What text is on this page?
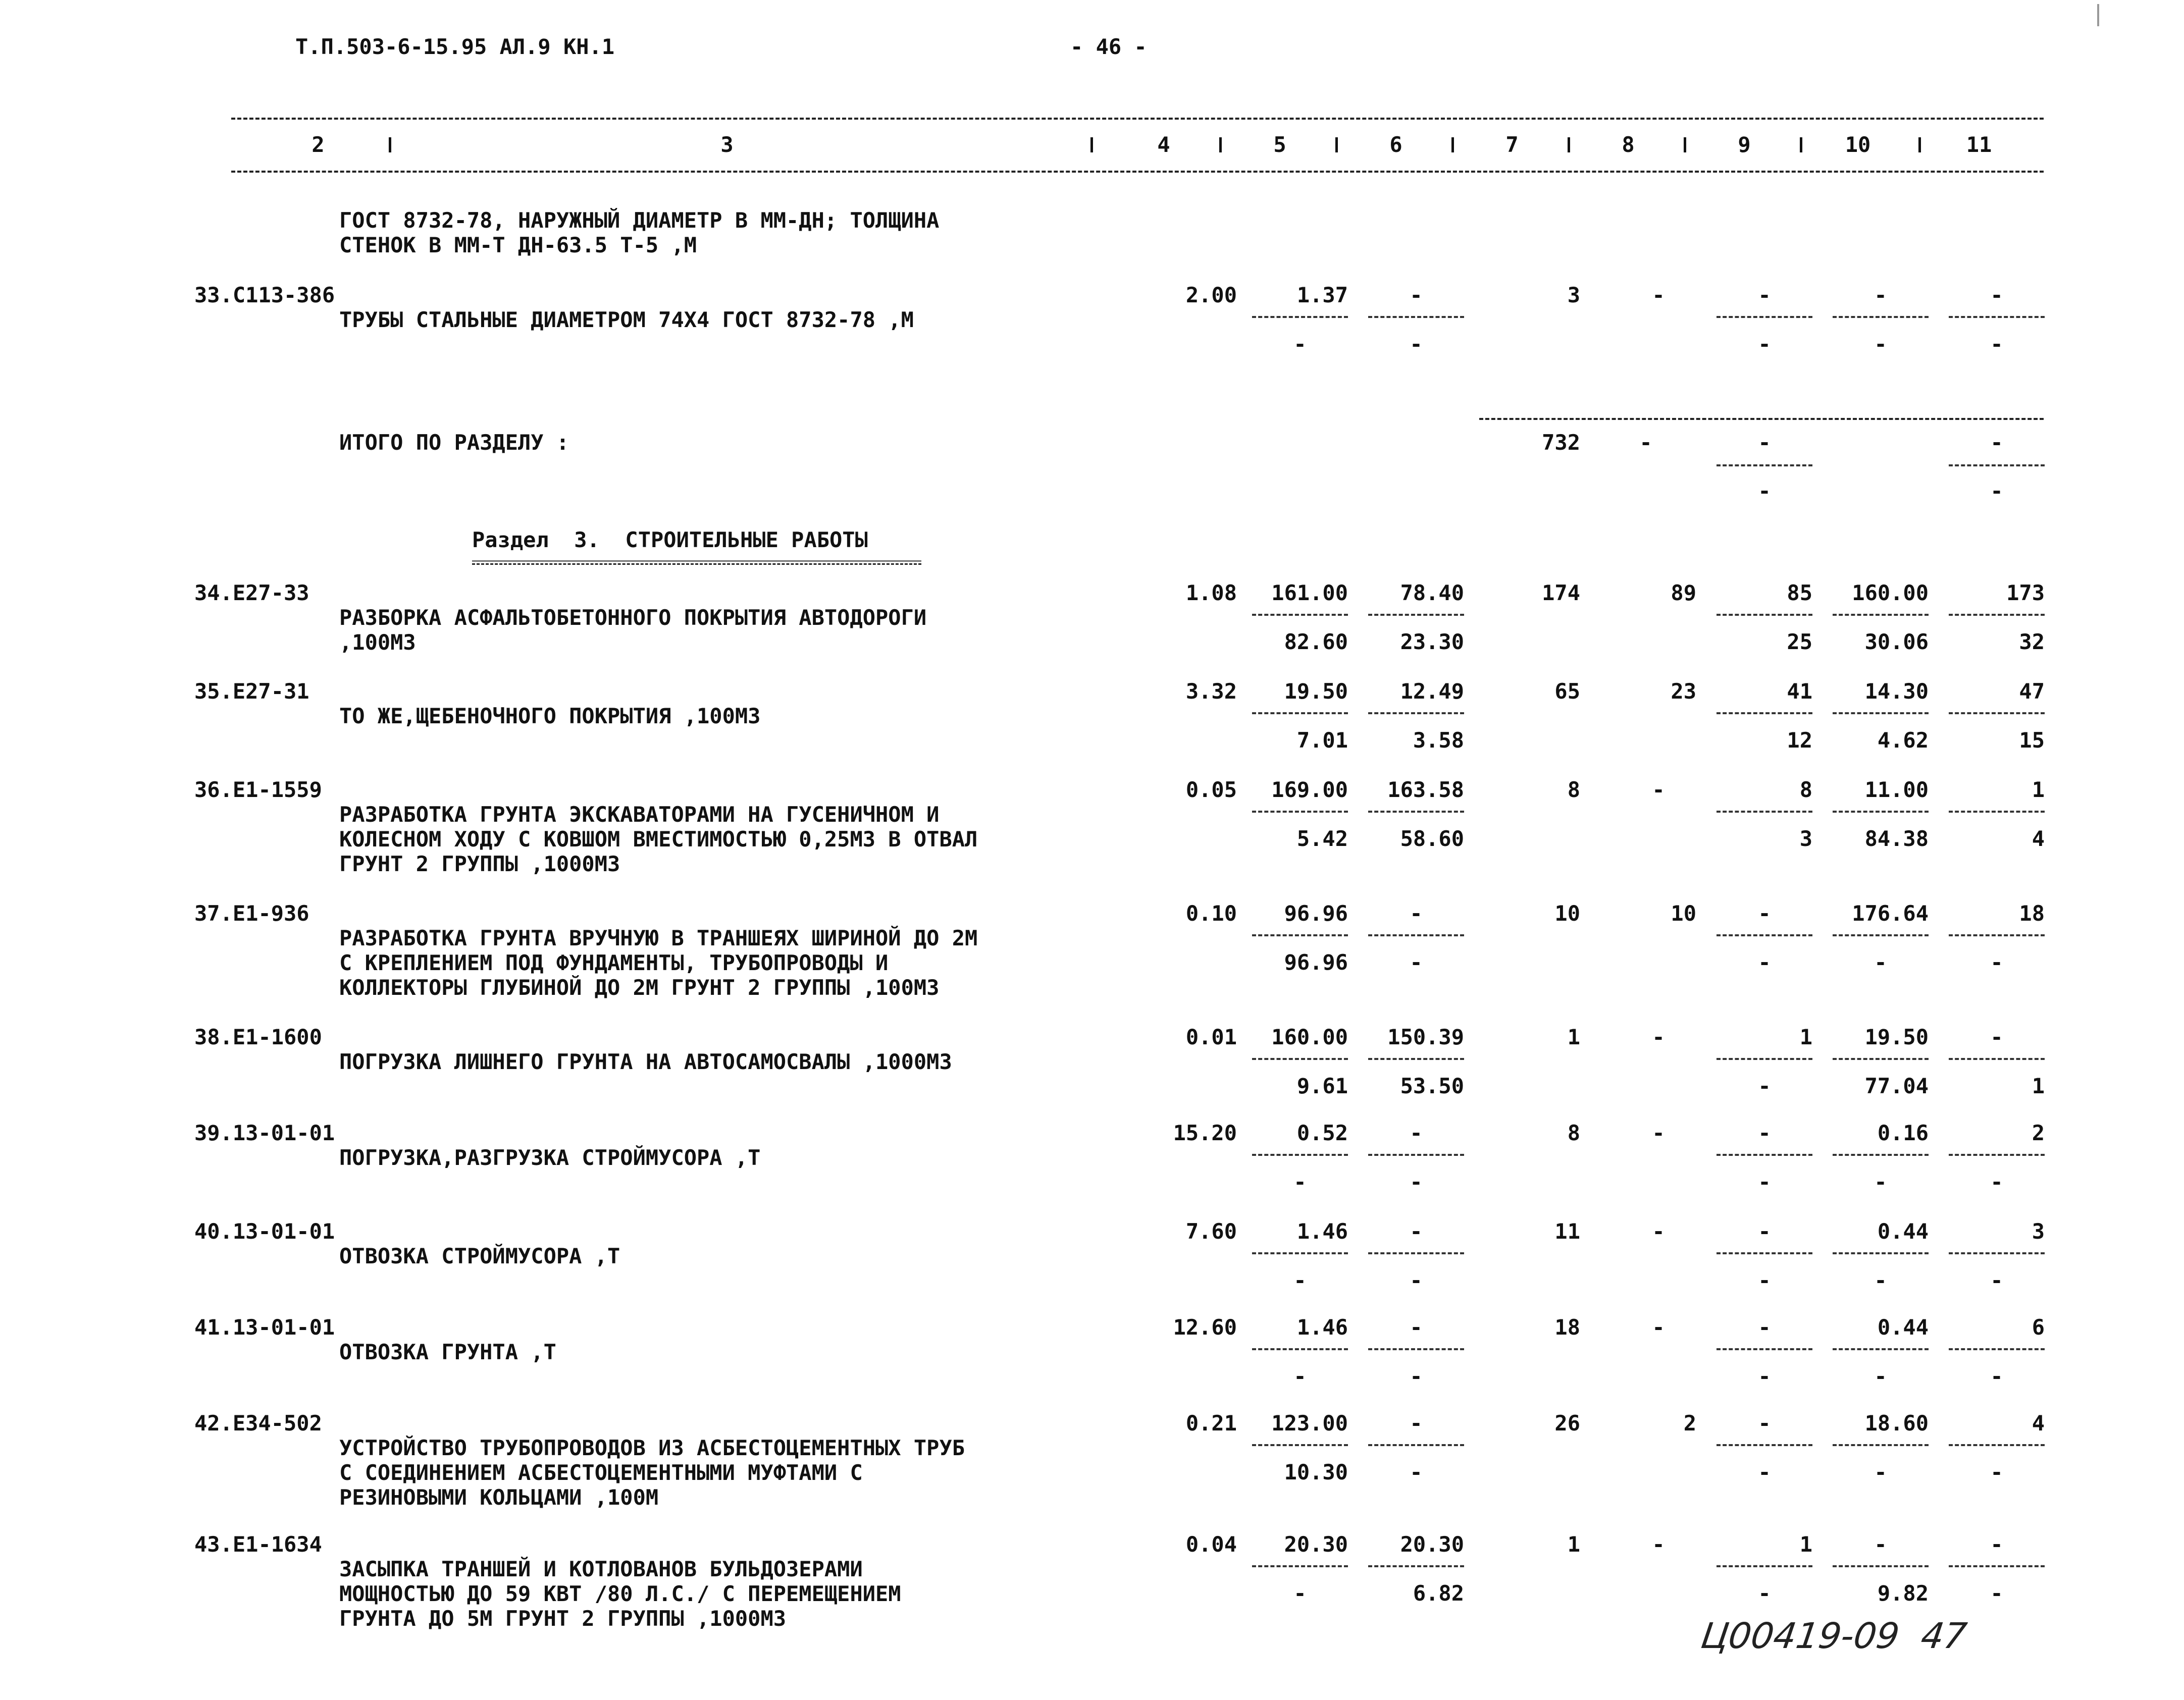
Т.П.503-6-15.95 АЛ.9 КН.1	- 46 -
2	3	4	5	6	7	8	9	10	11
ГОСТ 8732-78, НАРУЖНЫЙ ДИАМЕТР В ММ-ДН; ТОЛЩИНА
СТЕНОК В ММ-Т ДН-63.5 Т-5 ,М
33.С113-386
ТРУБЫ СТАЛЬНЫЕ ДИАМЕТРОМ 74Х4 ГОСТ 8732-78 ,М
2.00	1.37	-	3	-	-	-	-
-	-	-	-	-
34.Е27-33
РАЗБОРКА АСФАЛЬТОБЕТОННОГО ПОКРЫТИЯ АВТОДОРОГИ
,100М3
1.08	161.00	78.40	174	89	85	160.00	173
82.60	23.30	25	30.06	32
35.Е27-31
ТО ЖЕ,ЩЕБЕНОЧНОГО ПОКРЫТИЯ ,100М3
3.32	19.50	12.49	65	23	41	14.30	47
7.01	3.58	12	4.62	15
36.Е1-1559
РАЗРАБОТКА ГРУНТА ЭКСКАВАТОРАМИ НА ГУСЕНИЧНОМ И
КОЛЕСНОМ ХОДУ С КОВШОМ ВМЕСТИМОСТЬЮ 0,25М3 В ОТВАЛ
ГРУНТ 2 ГРУППЫ ,1000М3
0.05	169.00	163.58	8	-	8	11.00	1
5.42	58.60	3	84.38	4
37.Е1-936
РАЗРАБОТКА ГРУНТА ВРУЧНУЮ В ТРАНШЕЯХ ШИРИНОЙ ДО 2М
С КРЕПЛЕНИЕМ ПОД ФУНДАМЕНТЫ, ТРУБОПРОВОДЫ И
КОЛЛЕКТОРЫ ГЛУБИНОЙ ДО 2М ГРУНТ 2 ГРУППЫ ,100М3
0.10	96.96	-	10	10	-	176.64	18
96.96	-	-	-	-
38.Е1-1600
ПОГРУЗКА ЛИШНЕГО ГРУНТА НА АВТОСАМОСВАЛЫ ,1000М3
0.01	160.00	150.39	1	-	1	19.50	-
9.61	53.50	-	77.04	1
39.13-01-01
ПОГРУЗКА,РАЗГРУЗКА СТРОЙМУСОРА ,Т
15.20	0.52	-	8	-	-	0.16	2
-	-	-	-	-
40.13-01-01
ОТВОЗКА СТРОЙМУСОРА ,Т
7.60	1.46	-	11	-	-	0.44	3
-	-	-	-	-
41.13-01-01
ОТВОЗКА ГРУНТА ,Т
12.60	1.46	-	18	-	-	0.44	6
-	-	-	-	-
42.Е34-502
УСТРОЙСТВО ТРУБОПРОВОДОВ ИЗ АСБЕСТОЦЕМЕНТНЫХ ТРУБ
С СОЕДИНЕНИЕМ АСБЕСТОЦЕМЕНТНЫМИ МУФТАМИ С
РЕЗИНОВЫМИ КОЛЬЦАМИ ,100М
0.21	123.00	-	26	2	-	18.60	4
10.30	-	-	-	-
43.Е1-1634
ЗАСЫПКА ТРАНШЕЙ И КОТЛОВАНОВ БУЛЬДОЗЕРАМИ
МОЩНОСТЬЮ ДО 59 КВТ /80 Л.С./ С ПЕРЕМЕЩЕНИЕМ
ГРУНТА ДО 5М ГРУНТ 2 ГРУППЫ ,1000М3
0.04	20.30	20.30	1	-	1	-	-
-	6.82	-	9.82	-
ИТОГО ПО РАЗДЕЛУ :	732	-	-	-
-	-
Раздел  3.  СТРОИТЕЛЬНЫЕ РАБОТЫ
Ц00419-09  47
